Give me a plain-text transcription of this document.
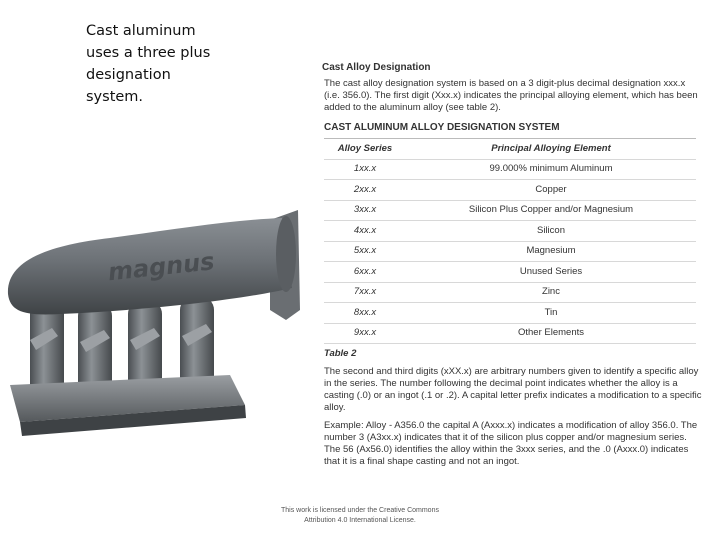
Cast aluminum
uses a three plus
designation
system.
magnus
Cast Alloy Designation

The cast alloy designation system is based on a 3 digit-plus decimal designation xxx.x (i.e. 356.0). The first digit (Xxx.x) indicates the principal alloying element, which has been added to the aluminum alloy (see table 2).

CAST ALUMINUM ALLOY DESIGNATION SYSTEM
Alloy Series	Principal Alloying Element
1xx.x	99.000% minimum Aluminum
2xx.x	Copper
3xx.x	Silicon Plus Copper and/or Magnesium
4xx.x	Silicon
5xx.x	Magnesium
6xx.x	Unused Series
7xx.x	Zinc
8xx.x	Tin
9xx.x	Other Elements
Table 2

The second and third digits (xXX.x) are arbitrary numbers given to identify a specific alloy in the series. The number following the decimal point indicates whether the alloy is a casting (.0) or an ingot (.1 or .2). A capital letter prefix indicates a modification to a specific alloy.

Example: Alloy - A356.0 the capital A (Axxx.x) indicates a modification of alloy 356.0. The number 3 (A3xx.x) indicates that it of the silicon plus copper and/or magnesium series. The 56 (Ax56.0) identifies the alloy within the 3xxx series, and the .0 (Axxx.0) indicates that it is a final shape casting and not an ingot.

This work is licensed under the Creative Commons
Attribution 4.0 International License.
